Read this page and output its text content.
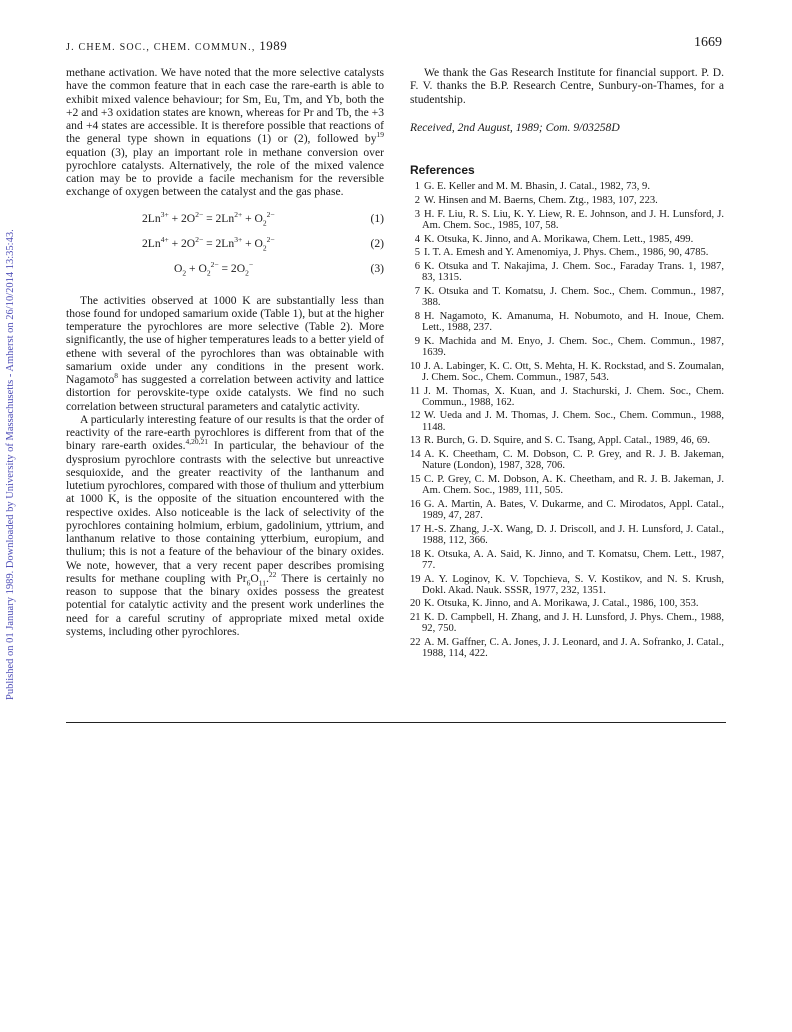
Published on 01 January 1989. Downloaded by University of Massachusetts - Amherst on 26/10/2014 13:35:43.
J. CHEM. SOC., CHEM. COMMUN., 1989	1669

methane activation. We have noted that the more selective catalysts have the common feature that in each case the rare-earth is able to exhibit mixed valence behaviour; for Sm, Eu, Tm, and Yb, both the +2 and +3 oxidation states are known, whereas for Pr and Tb, the +3 and +4 states are accessible. It is therefore possible that reactions of the general type shown in equations (1) or (2), followed $by^{19}$ equation (3), play an important role in methane conversion over pyrochlore catalysts. Alternatively, the role of the mixed valence cation may be to provide a facile mechanism for the reversible exchange of oxygen between the catalyst and the gas phase.

$2Ln^{3+} + 2O^{2-} = 2Ln^{2+} + O_2^{2-}$	(1)
$2Ln^{4+} + 2O^{2-} = 2Ln^{3+} + O_2^{2-}$	(2)
$O_2 + O_2^{2-} = 2O_2^-$	(3)

The activities observed at 1000 K are substantially less than those found for undoped samarium oxide (Table 1), but at the higher temperature the pyrochlores are more selective (Table 2). More significantly, the use of higher temperatures leads to a better yield of ethene with several of the pyrochlores than was obtainable with samarium oxide under any conditions in the present work. Nagamoto$^8$ has suggested a correlation between activity and lattice distortion for perovskite-type oxide catalysts. We find no such correlation between structural parameters and catalytic activity.

A particularly interesting feature of our results is that the order of reactivity of the rare-earth pyrochlores is different from that of the binary rare-earth oxides.$^{4,20,21}$ In particular, the behaviour of the dysprosium pyrochlore contrasts with the selective but unreactive sesquioxide, and the greater reactivity of the lanthanum and lutetium pyrochlores, compared with those of thulium and ytterbium at 1000 K, is the opposite of the situation encountered with the respective oxides. Also noticeable is the lack of selectivity of the pyrochlores containing holmium, erbium, gadolinium, yttrium, and lanthanum relative to those containing ytterbium, europium, and thulium; this is not a feature of the behaviour of the binary oxides. We note, however, that a very recent paper describes promising results for methane coupling with $Pr_6O_{11}.^{22}$ There is certainly no reason to suppose that the binary oxides possess the greatest potential for catalytic activity and the present work underlines the need for a careful scrutiny of appropriate mixed metal oxide systems, including other pyrochlores.

We thank the Gas Research Institute for financial support. P. D. F. V. thanks the B.P. Research Centre, Sunbury-on-Thames, for a studentship.

Received, 2nd August, 1989; Com. 9/03258D

References
1 G. E. Keller and M. M. Bhasin, J. Catal., 1982, 73, 9.
2 W. Hinsen and M. Baerns, Chem. Ztg., 1983, 107, 223.
3 H. F. Liu, R. S. Liu, K. Y. Liew, R. E. Johnson, and J. H. Lunsford, J. Am. Chem. Soc., 1985, 107, 58.
4 K. Otsuka, K. Jinno, and A. Morikawa, Chem. Lett., 1985, 499.
5 I. T. A. Emesh and Y. Amenomiya, J. Phys. Chem., 1986, 90, 4785.
6 K. Otsuka and T. Nakajima, J. Chem. Soc., Faraday Trans. 1, 1987, 83, 1315.
7 K. Otsuka and T. Komatsu, J. Chem. Soc., Chem. Commun., 1987, 388.
8 H. Nagamoto, K. Amanuma, H. Nobumoto, and H. Inoue, Chem. Lett., 1988, 237.
9 K. Machida and M. Enyo, J. Chem. Soc., Chem. Commun., 1987, 1639.
10 J. A. Labinger, K. C. Ott, S. Mehta, H. K. Rockstad, and S. Zoumalan, J. Chem. Soc., Chem. Commun., 1987, 543.
11 J. M. Thomas, X. Kuan, and J. Stachurski, J. Chem. Soc., Chem. Commun., 1988, 162.
12 W. Ueda and J. M. Thomas, J. Chem. Soc., Chem. Commun., 1988, 1148.
13 R. Burch, G. D. Squire, and S. C. Tsang, Appl. Catal., 1989, 46, 69.
14 A. K. Cheetham, C. M. Dobson, C. P. Grey, and R. J. B. Jakeman, Nature (London), 1987, 328, 706.
15 C. P. Grey, C. M. Dobson, A. K. Cheetham, and R. J. B. Jakeman, J. Am. Chem. Soc., 1989, 111, 505.
16 G. A. Martin, A. Bates, V. Dukarme, and C. Mirodatos, Appl. Catal., 1989, 47, 287.
17 H.-S. Zhang, J.-X. Wang, D. J. Driscoll, and J. H. Lunsford, J. Catal., 1988, 112, 366.
18 K. Otsuka, A. A. Said, K. Jinno, and T. Komatsu, Chem. Lett., 1987, 77.
19 A. Y. Loginov, K. V. Topchieva, S. V. Kostikov, and N. S. Krush, Dokl. Akad. Nauk. SSSR, 1977, 232, 1351.
20 K. Otsuka, K. Jinno, and A. Morikawa, J. Catal., 1986, 100, 353.
21 K. D. Campbell, H. Zhang, and J. H. Lunsford, J. Phys. Chem., 1988, 92, 750.
22 A. M. Gaffner, C. A. Jones, J. J. Leonard, and J. A. Sofranko, J. Catal., 1988, 114, 422.
